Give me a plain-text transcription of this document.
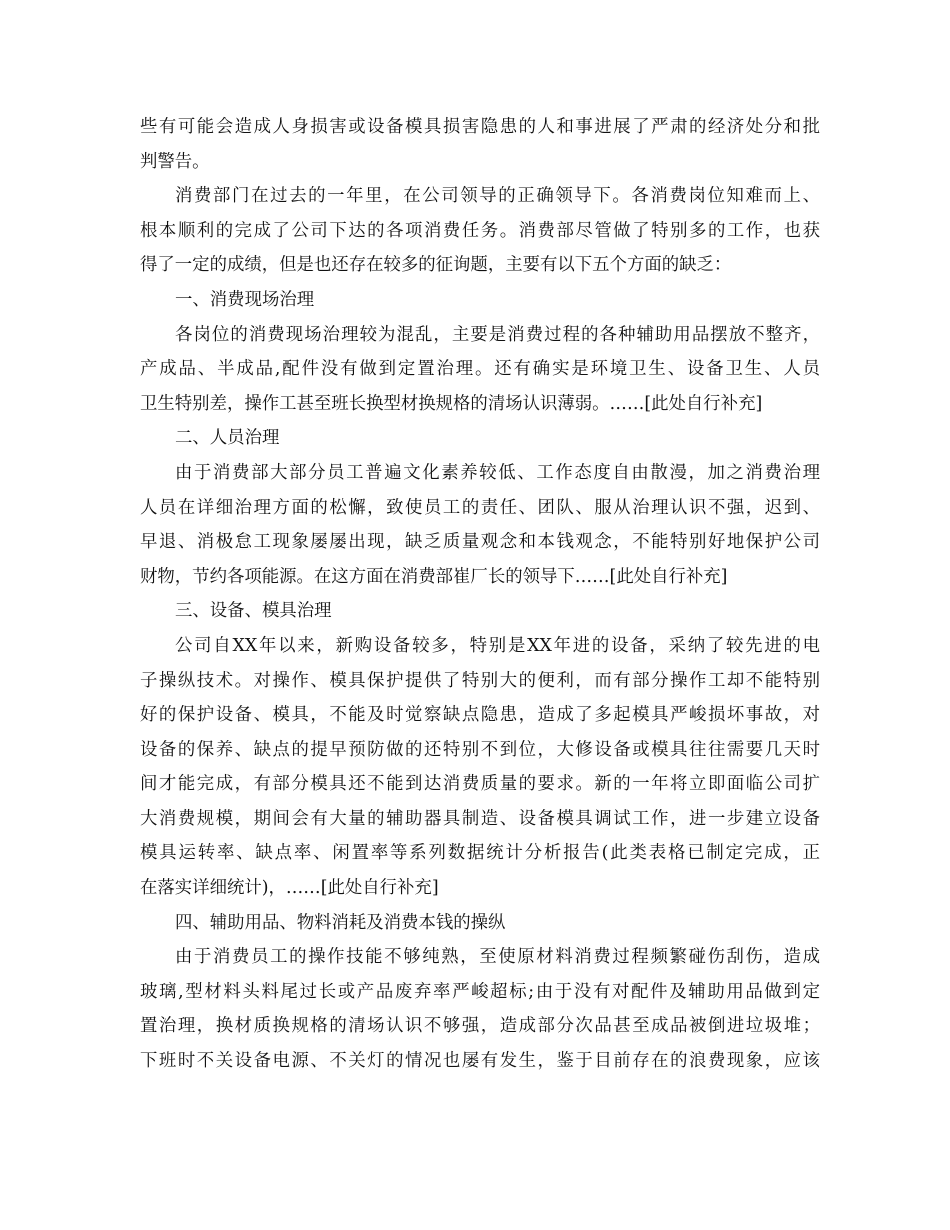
些有可能会造成人身损害或设备模具损害隐患的人和事进展了严肃的经济处分和批
判警告。
消费部门在过去的一年里，在公司领导的正确领导下。各消费岗位知难而上、
根本顺利的完成了公司下达的各项消费任务。消费部尽管做了特别多的工作，也获
得了一定的成绩，但是也还存在较多的征询题，主要有以下五个方面的缺乏：
一、消费现场治理
各岗位的消费现场治理较为混乱，主要是消费过程的各种辅助用品摆放不整齐，
产成品、半成品,配件没有做到定置治理。还有确实是环境卫生、设备卫生、人员
卫生特别差，操作工甚至班长换型材换规格的清场认识薄弱。……[此处自行补充]
二、人员治理
由于消费部大部分员工普遍文化素养较低、工作态度自由散漫，加之消费治理
人员在详细治理方面的松懈，致使员工的责任、团队、服从治理认识不强，迟到、
早退、消极怠工现象屡屡出现，缺乏质量观念和本钱观念，不能特别好地保护公司
财物，节约各项能源。在这方面在消费部崔厂长的领导下……[此处自行补充]
三、设备、模具治理
公司自XX年以来，新购设备较多，特别是XX年进的设备，采纳了较先进的电
子操纵技术。对操作、模具保护提供了特别大的便利，而有部分操作工却不能特别
好的保护设备、模具，不能及时觉察缺点隐患，造成了多起模具严峻损坏事故，对
设备的保养、缺点的提早预防做的还特别不到位，大修设备或模具往往需要几天时
间才能完成，有部分模具还不能到达消费质量的要求。新的一年将立即面临公司扩
大消费规模，期间会有大量的辅助器具制造、设备模具调试工作，进一步建立设备
模具运转率、缺点率、闲置率等系列数据统计分析报告(此类表格已制定完成，正
在落实详细统计)，……[此处自行补充]
四、辅助用品、物料消耗及消费本钱的操纵
由于消费员工的操作技能不够纯熟，至使原材料消费过程频繁碰伤刮伤，造成
玻璃,型材料头料尾过长或产品废弃率严峻超标;由于没有对配件及辅助用品做到定
置治理，换材质换规格的清场认识不够强，造成部分次品甚至成品被倒进垃圾堆；
下班时不关设备电源、不关灯的情况也屡有发生，鉴于目前存在的浪费现象，应该
